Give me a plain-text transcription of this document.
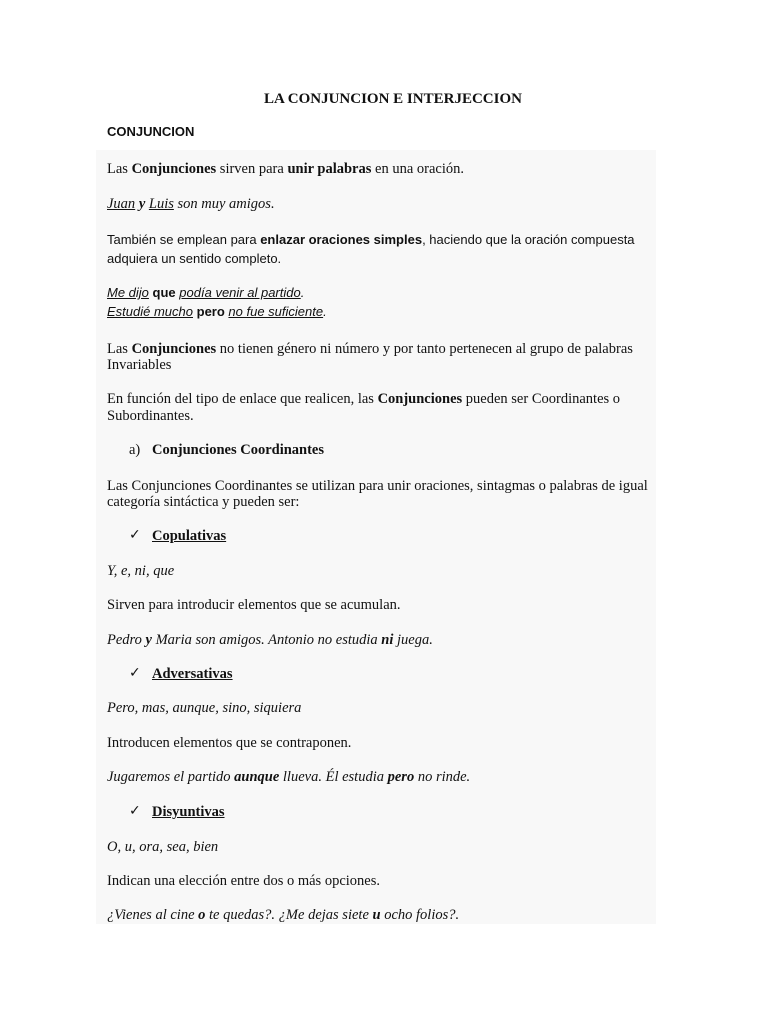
LA CONJUNCION E INTERJECCION
CONJUNCION

Las Conjunciones sirven para unir palabras en una oración.

Juan y Luis son muy amigos.

También se emplean para enlazar oraciones simples, haciendo que la oración compuesta

adquiera un sentido completo.

Me dijo que podía venir al partido.

Estudié mucho pero no fue suficiente.

Las Conjunciones no tienen género ni número y por tanto pertenecen al grupo de palabras

Invariables

En función del tipo de enlace que realicen, las Conjunciones pueden ser Coordinantes o

Subordinantes.

a) Conjunciones Coordinantes

Las Conjunciones Coordinantes se utilizan para unir oraciones, sintagmas o palabras de igual

categoría sintáctica y pueden ser:

✓ Copulativas

Y, e, ni, que

Sirven para introducir elementos que se acumulan.

Pedro y Maria son amigos. Antonio no estudia ni juega.

✓ Adversativas

Pero, mas, aunque, sino, siquiera

Introducen elementos que se contraponen.

Jugaremos el partido aunque llueva. Él estudia pero no rinde.

✓ Disyuntivas

O, u, ora, sea, bien

Indican una elección entre dos o más opciones.

¿Vienes al cine o te quedas?. ¿Me dejas siete u ocho folios?.
